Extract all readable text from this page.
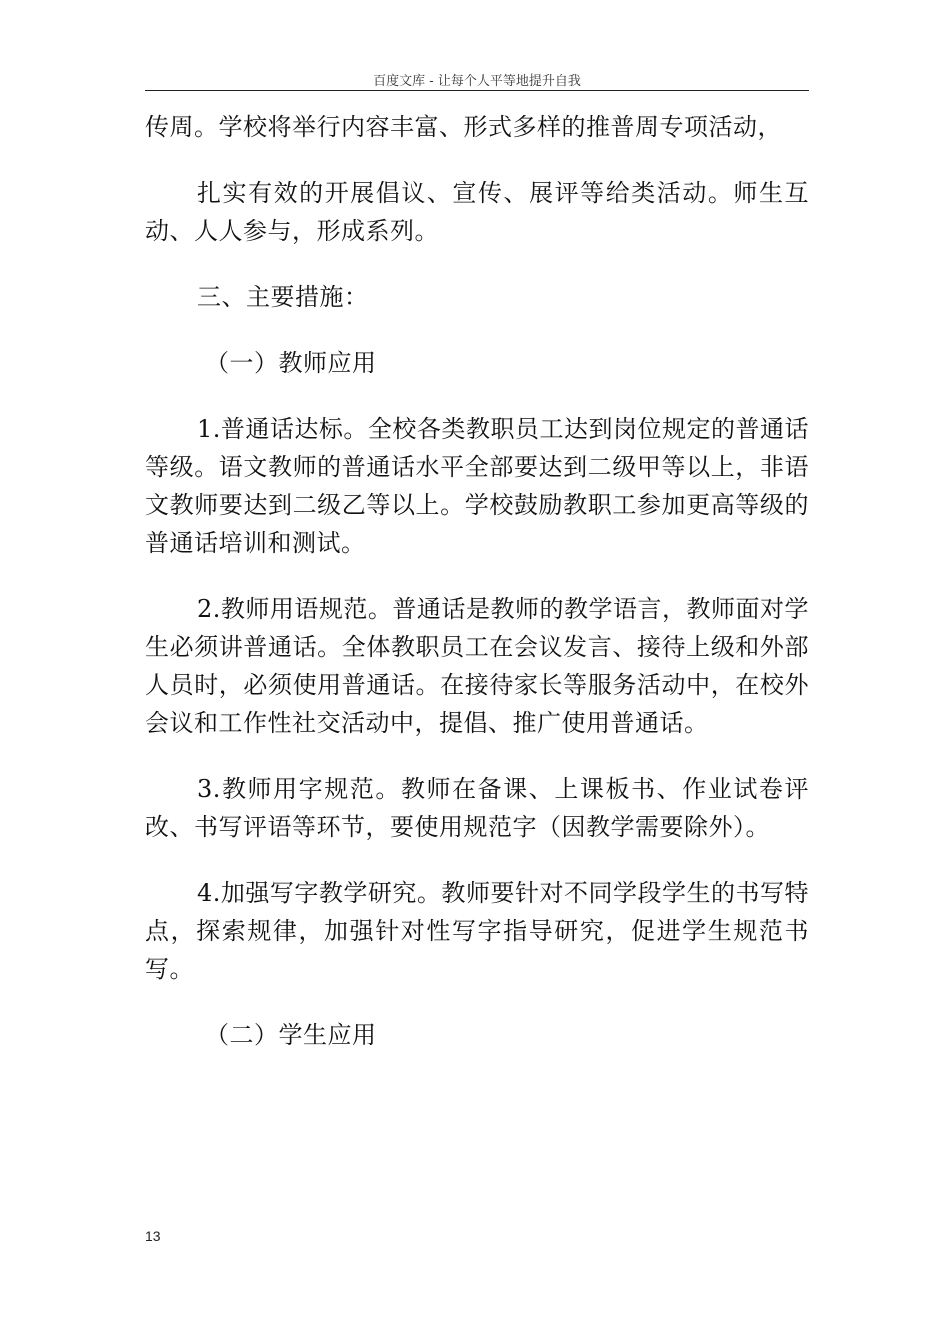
百度文库 - 让每个人平等地提升自我

传周。学校将举行内容丰富、形式多样的推普周专项活动，

扎实有效的开展倡议、宣传、展评等给类活动。师生互动、人人参与，形成系列。

三、主要措施：

（一）教师应用

1.普通话达标。全校各类教职员工达到岗位规定的普通话等级。语文教师的普通话水平全部要达到二级甲等以上，非语文教师要达到二级乙等以上。学校鼓励教职工参加更高等级的普通话培训和测试。

2.教师用语规范。普通话是教师的教学语言，教师面对学生必须讲普通话。全体教职员工在会议发言、接待上级和外部人员时，必须使用普通话。在接待家长等服务活动中，在校外会议和工作性社交活动中，提倡、推广使用普通话。

3.教师用字规范。教师在备课、上课板书、作业试卷评改、书写评语等环节，要使用规范字（因教学需要除外）。

4.加强写字教学研究。教师要针对不同学段学生的书写特点，探索规律，加强针对性写字指导研究，促进学生规范书写。

（二）学生应用

13
